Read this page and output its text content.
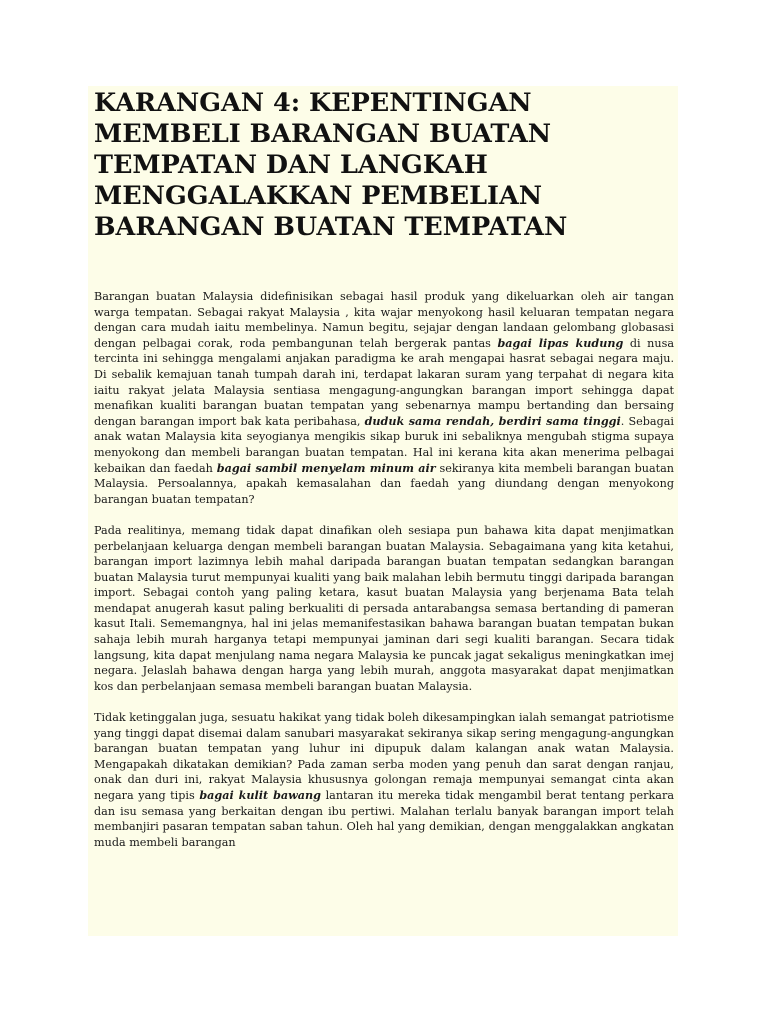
KARANGAN 4: KEPENTINGAN MEMBELI BARANGAN BUATAN TEMPATAN DAN LANGKAH MENGGALAKKAN PEMBELIAN BARANGAN BUATAN TEMPATAN

Barangan buatan Malaysia didefinisikan sebagai hasil produk yang dikeluarkan oleh air tangan warga tempatan. Sebagai rakyat Malaysia , kita wajar menyokong hasil keluaran tempatan negara dengan cara mudah iaitu membelinya. Namun begitu, sejajar dengan landaan gelombang globasasi dengan pelbagai corak, roda pembangunan telah bergerak pantas bagai lipas kudung di nusa tercinta ini sehingga mengalami anjakan paradigma ke arah mengapai hasrat sebagai negara maju. Di sebalik kemajuan tanah tumpah darah ini, terdapat lakaran suram yang terpahat di negara kita iaitu rakyat jelata Malaysia sentiasa mengagung-angungkan barangan import sehingga dapat menafikan kualiti barangan buatan tempatan yang sebenarnya mampu bertanding dan bersaing dengan barangan import bak kata peribahasa, duduk sama rendah, berdiri sama tinggi. Sebagai anak watan Malaysia kita seyogianya mengikis sikap buruk ini sebaliknya mengubah stigma supaya menyokong dan membeli barangan buatan tempatan. Hal ini kerana kita akan menerima pelbagai kebaikan dan faedah bagai sambil menyelam minum air sekiranya kita membeli barangan buatan Malaysia. Persoalannya, apakah kemasalahan dan faedah yang diundang dengan menyokong barangan buatan tempatan?

Pada realitinya, memang tidak dapat dinafikan oleh sesiapa pun bahawa kita dapat menjimatkan perbelanjaan keluarga dengan membeli barangan buatan Malaysia. Sebagaimana yang kita ketahui, barangan import lazimnya lebih mahal daripada barangan buatan tempatan sedangkan barangan buatan Malaysia turut mempunyai kualiti yang baik malahan lebih bermutu tinggi daripada barangan import. Sebagai contoh yang paling ketara, kasut buatan Malaysia yang berjenama Bata telah mendapat anugerah kasut paling berkualiti di persada antarabangsa semasa bertanding di pameran kasut Itali. Sememangnya, hal ini jelas memanifestasikan bahawa barangan buatan tempatan bukan sahaja lebih murah harganya tetapi mempunyai jaminan dari segi kualiti barangan. Secara tidak langsung, kita dapat menjulang nama negara Malaysia ke puncak jagat sekaligus meningkatkan imej negara. Jelaslah bahawa dengan harga yang lebih murah, anggota masyarakat dapat menjimatkan kos dan perbelanjaan semasa membeli barangan buatan Malaysia.

Tidak ketinggalan juga, sesuatu hakikat yang tidak boleh dikesampingkan ialah semangat patriotisme yang tinggi dapat disemai dalam sanubari masyarakat sekiranya sikap sering mengagung-angungkan barangan buatan tempatan yang luhur ini dipupuk dalam kalangan anak watan Malaysia. Mengapakah dikatakan demikian? Pada zaman serba moden yang penuh dan sarat dengan ranjau, onak dan duri ini, rakyat Malaysia khususnya golongan remaja mempunyai semangat cinta akan negara yang tipis bagai kulit bawang lantaran itu mereka tidak mengambil berat tentang perkara dan isu semasa yang berkaitan dengan ibu pertiwi. Malahan terlalu banyak barangan import telah membanjiri pasaran tempatan saban tahun. Oleh hal yang demikian, dengan menggalakkan angkatan muda membeli barangan
